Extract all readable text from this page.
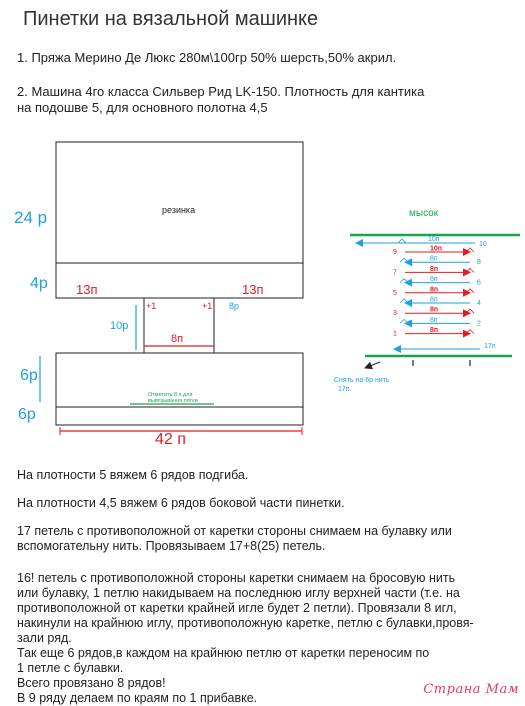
Пинетки на вязальной машинке
1. Пряжа Мерино Де Люкс 280м\100гр 50% шерсть,50% акрил.
2. Машина 4го класса Сильвер Рид LK-150. Плотность для кантика
на подошве 5, для основного полотна 4,5
резинка
8п
10р
+1	+1 8р
Отметить 8 п для
вывязывания пятки
24 р
4р 13п	13п
6р
6р
42 п
мысок
10п
10
10п
9
8п	8
8п
7
8п	6
8п
5
8п	4
8п
3
8п	2
8п
1
17п
Снять на 6р нить
17п.
На плотности 5 вяжем 6 рядов подгиба.
На плотности 4,5 вяжем 6 рядов боковой части пинетки.
17 петель с противоположной от каретки стороны снимаем на булавку или
вспомогательну нить. Провязываем 17+8(25) петель.
16! петель с противоположной стороны каретки снимаем на бросовую нить
или булавку, 1 петлю накидываем на последнюю иглу верхней части (т.е. на
противоположной от каретки крайней игле будет 2 петли). Провязали 8 игл,
накинули на крайнюю иглу, противоположную каретке, петлю с булавки,провя-
зали ряд.
Так еще 6 рядов,в каждом на крайнюю петлю от каретки переносим по
1 петле с булавки.
Всего провязано 8 рядов!
В 9 ряду делаем по краям по 1 прибавке.
Страна Мам
